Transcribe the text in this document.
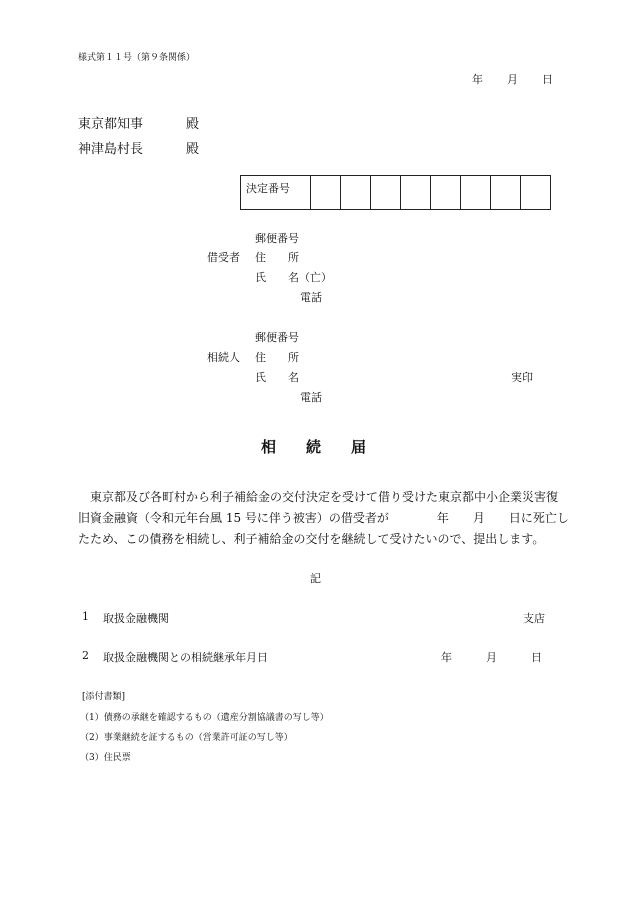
様式第１１号（第９条関係）
年 月 日
東京都知事	殿
神津島村長	殿
決定番号								
郵便番号
借受者 住　　所
氏　　名（亡）
電話
郵便番号
相続人 住　　所
氏　　名	実印
電話
相　　続　　届
東京都及び各町村から利子補給金の交付決定を受けて借り受けた東京都中小企業災害復
旧資金融資（令和元年台風 15 号に伴う被害）の借受者が　　　　年　　月　　日に死亡し
たため、この債務を相続し、利子補給金の交付を継続して受けたいので、提出します。
記
1 取扱金融機関	支店
2 取扱金融機関との相続継承年月日	年	月	日
[添付書類]
（1）債務の承継を確認するもの（遺産分割協議書の写し等）
（2）事業継続を証するもの（営業許可証の写し等）
（3）住民票
